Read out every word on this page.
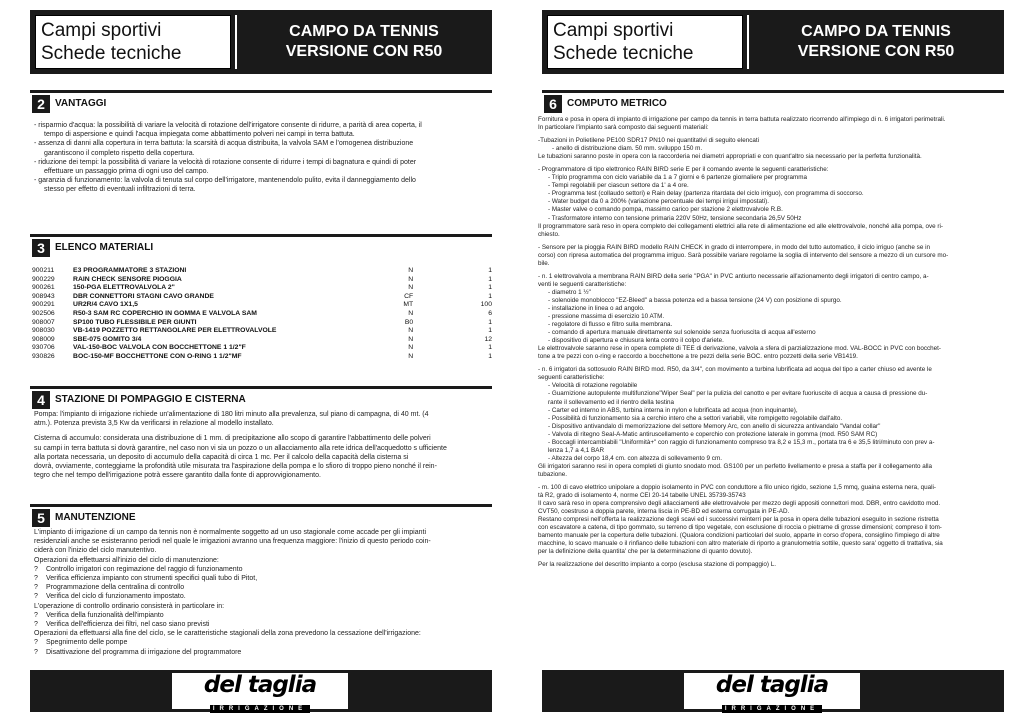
Campi sportivi
Schede tecniche
CAMPO DA TENNIS
VERSIONE CON R50
2	VANTAGGI

- risparmio d'acqua: la possibilità di variare la velocità di rotazione dell'irrigatore consente di ridurre, a parità di area coperta, il

tempo di aspersione e quindi l'acqua impiegata come abbattimento polveri nei campi in terra battuta.

- assenza di danni alla copertura in terra battuta: la scarsità di acqua distribuita, la valvola SAM e l'omogenea distribuzione

garantiscono il completo rispetto della copertura.

- riduzione dei tempi: la possibilità di variare la velocità di rotazione consente di ridurre i tempi di bagnatura e quindi di poter

effettuare un passaggio prima di ogni uso del campo.

- garanzia di funzionamento: la valvola di tenuta sul corpo dell'irrigatore, mantenendolo pulito, evita il danneggiamento dello

stesso per effetto di eventuali infiltrazioni di terra.

3	ELENCO MATERIALI
900211	E3 PROGRAMMATORE 3 STAZIONI	N	1
900229	RAIN CHECK SENSORE PIOGGIA	N	1
900261	150-PGA ELETTROVALVOLA 2"	N	1
908943	DBR CONNETTORI STAGNI CAVO GRANDE	CF	1
900291	UR2R/4 CAVO 1X1,5	MT	100
902506	R50-3 SAM RC COPERCHIO IN GOMMA E VALVOLA SAM	N	6
908007	SP100 TUBO FLESSIBILE PER GIUNTI	B0	1
908030	VB-1419 POZZETTO RETTANGOLARE PER ELETTROVALVOLE	N	1
908009	SBE-075 GOMITO 3/4	N	12
930706	VAL-150-BOC VALVOLA CON BOCCHETTONE 1 1/2"F	N	1
930826	BOC-150-MF BOCCHETTONE CON O-RING 1 1/2"MF	N	1
4	STAZIONE DI POMPAGGIO E CISTERNA

Pompa: l'impianto di irrigazione richiede un'alimentazione di 180 litri minuto alla prevalenza, sul piano di campagna, di 40 mt. (4

atm.). Potenza prevista 3,5 Kw da verificarsi in relazione al modello installato.

Cisterna di accumulo: considerata una distribuzione di 1 mm. di precipitazione allo scopo di garantire l'abbattimento delle polveri

su campi in terra battuta si dovrà garantire, nel caso non vi sia un pozzo o un allacciamento alla rete idrica dell'acquedotto s ufficiente

alla portata necessaria, un deposito di accumulo della capacità di circa 1 mc. Per il calcolo della capacità della cisterna si

dovrà, ovviamente, conteggiarne la profondità utile misurata tra l'aspirazione della pompa e lo sfioro di troppo pieno nonché il rein-

tegro che nel tempo dell'irrigazione potrà essere garantito dalla fonte di approvvigionamento.

5	MANUTENZIONE

L'impianto di irrigazione di un campo da tennis non è normalmente soggetto ad un uso stagionale come accade per gli impianti

residenziali anche se esisteranno periodi nel quale le irrigazioni avranno una frequenza maggiore: l'inizio di questo periodo coin-

ciderà con l'inizio del ciclo manutentivo.

Operazioni da effettuarsi all'inizio del ciclo di manutenzione:

? Controllo irrigatori con regimazione del raggio di funzionamento

? Verifica efficienza impianto con strumenti specifici quali tubo di Pitot,

? Programmazione della centralina di controllo

? Verifica del ciclo di funzionamento impostato.

L'operazione di controllo ordinario consisterà in particolare in:

? Verifica della funzionalità dell'impianto

? Verifica dell'efficienza dei filtri, nel caso siano previsti

Operazioni da effettuarsi alla fine del ciclo, se le caratteristiche stagionali della zona prevedono la cessazione dell'irrigazione:

? Spegnimento delle pompe

? Disattivazione del programma di irrigazione del programmatore

del taglia
IRRIGAZIONE
Campi sportivi
Schede tecniche
CAMPO DA TENNIS
VERSIONE CON R50
6	COMPUTO METRICO

Fornitura e posa in opera di impianto di irrigazione per campo da tennis in terra battuta realizzato ricorrendo all'impiego di n. 6 irrigatori perimetrali.

In particolare l'impianto sarà composto dai seguenti materiali:

-Tubazioni in Polietilene PE100 SDR17 PN10 nei quantitativi di seguito elencati

- anello di distribuzione diam. 50 mm. sviluppo 150 m.

Le tubazioni saranno poste in opera con la raccorderia nei diametri appropriati e con quant'altro sia necessario per la perfetta funzionalità.

- Programmatore di tipo elettronico RAIN BIRD serie E per il comando avente le seguenti caratteristiche:

- Triplo programma con ciclo variabile da 1 a 7 giorni e 6 partenze giornaliere per programma

- Tempi regolabili per ciascun settore da 1' a 4 ore.

- Programma test (collaudo settori) e Rain delay (partenza ritardata del ciclo irriguo), con programma di soccorso.

- Water budget da 0 a 200% (variazione percentuale dei tempi irrigui impostati).

- Master valve o comando pompa, massimo carico per stazione 2 elettrovalvole R.B.

- Trasformatore interno con tensione primaria 220V 50Hz, tensione secondaria 26,5V 50Hz

Il programmatore sarà reso in opera completo dei collegamenti elettrici alla rete di alimentazione ed alle elettrovalvole, nonché alla pompa, ove ri-

chiesto.

- Sensore per la pioggia RAIN BIRD modello RAIN CHECK in grado di interrompere, in modo del tutto automatico, il ciclo irriguo (anche se in

corso) con ripresa automatica del programma irriguo. Sarà possibile variare regolarne la soglia di intervento del sensore a mezzo di un cursore mo-

bile.

- n. 1 elettrovalvola a membrana RAIN BIRD della serie "PGA" in PVC antiurto necessarie all'azionamento degli irrigatori di centro campo, a-

venti le seguenti caratteristiche:

- diametro 1 ½"

- solenoide monoblocco "EZ-Bleed" a bassa potenza ed a bassa tensione (24 V) con posizione di spurgo.

- installazione in linea o ad angolo.

- pressione massima di esercizio 10 ATM.

- regolatore di flusso e filtro sulla membrana.

- comando di apertura manuale direttamente sul solenoide senza fuoriuscita di acqua all'esterno

- dispositivo di apertura e chiusura lenta contro il colpo d'ariete.

Le elettrovalvole saranno rese in opera complete di TEE di derivazione, valvola a sfera di parzializzazione mod. VAL-BOCC in PVC con bocchet-

tone a tre pezzi con o-ring e raccordo a bocchettone a tre pezzi della serie BOC. entro pozzetti della serie VB1419.

- n. 6 irrigatori da sottosuolo RAIN BIRD mod. R50, da 3/4", con movimento a turbina lubrificata ad acqua del tipo a carter chiuso ed avente le

seguenti caratteristiche:

- Velocità di rotazione regolabile

- Guarnizione autopulente multifunzione"Wiper Seal" per la pulizia del canotto e per evitare fuoriuscite di acqua a causa di pressione du-

rante il sollevamento ed il rientro della testina

- Carter ed interno in ABS, turbina interna in nylon e lubrificata ad acqua (non inquinante),

- Possibilità di funzionamento sia a cerchio intero che a settori variabili, vite rompigetto regolabile dall'alto.

- Dispositivo antivandalo di memorizzazione del settore Memory Arc, con anello di sicurezza antivandalo "Vandal collar"

- Valvola di ritegno Seal-A-Matic antiruscellamento e coperchio con protezione laterale in gomma (mod. R50 SAM RC)

- Boccagli intercambiabili "Uniformità+" con raggio di funzionamento compreso tra 8,2 e 15,3 m., portata tra 6 e 35,5 litri/minuto con prev a-

lenza 1,7 a 4,1 BAR

- Altezza del corpo 18,4 cm. con altezza di sollevamento 9 cm.

Gli irrigatori saranno resi in opera completi di giunto snodato mod. GS100 per un perfetto livellamento e presa a staffa per il collegamento alla

tubazione.

- m. 100 di cavo elettrico unipolare a doppio isolamento in PVC con conduttore a filo unico rigido, sezione 1,5 mmq, guaina esterna nera, quali-

tà R2, grado di isolamento 4, norme CEI 20-14 tabelle UNEL 35739-35743

Il cavo sarà reso in opera comprensivo degli allacciamenti alle elettrovalvole per mezzo degli appositi connettori mod. DBR, entro cavidotto mod.

CVT50, coestruso a doppia parete, interna liscia in PE-BD ed esterna corrugata in PE-AD.

Restano compresi nell'offerta la realizzazione degli scavi ed i successivi reinterri per la posa in opera delle tubazioni eseguito in sezione ristretta

con escavatore a catena, di tipo gommato, su terreno di tipo vegetale, con esclusione di roccia o pietrame di grosse dimensioni; compreso il tom-

bamento manuale per la copertura delle tubazioni. (Qualora condizioni particolari del suolo, apparte in corso d'opera, consiglino l'impiego di altre

macchine, lo scavo manuale o il rinfianco delle tubazioni con altro materiale di riporto a granulometria sottile, questo sara' oggetto di trattativa, sia

per la definizione della quantita' che per la determinazione di quanto dovuto).

Per la realizzazione del descritto impianto a corpo (esclusa stazione di pompaggio) L.

del taglia
IRRIGAZIONE
